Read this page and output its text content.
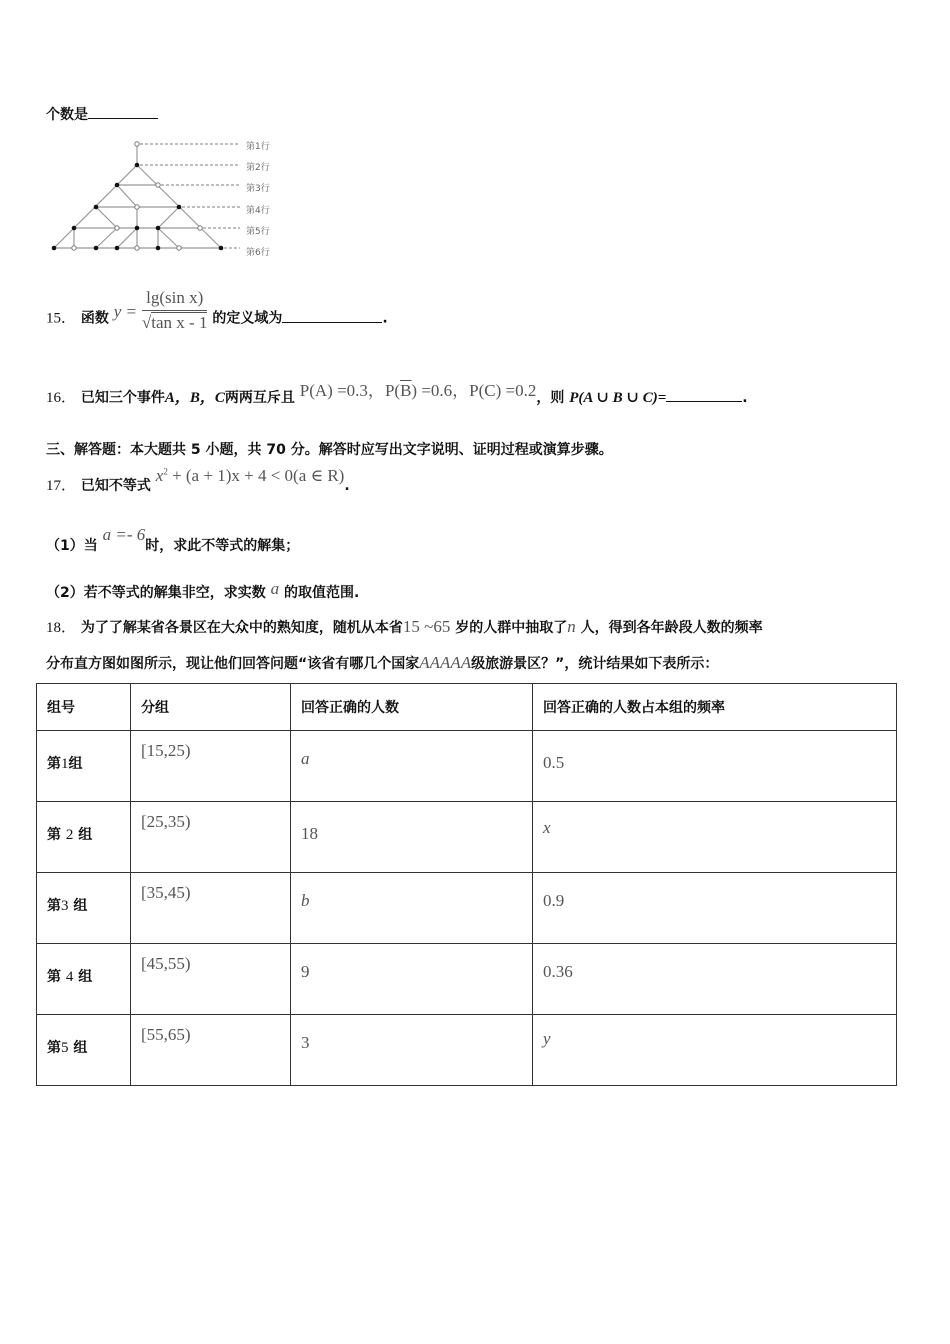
个数是
第1行
第2行
第3行
第4行
第5行
第6行
15． 函数 $y = \frac{\text{lg(sin x)}}{\text{√tan x - 1}}$ 的定义域为	.
16． 已知三个事件A，B，C两两互斥且 P(A) =0.3，$P(\overline{B}) =0.6$，P(C) =0.2，则 P(A ∪ B ∪ C)=	.
三、解答题：本大题共 5 小题，共 70 分。解答时应写出文字说明、证明过程或演算步骤。
17． 已知不等式 $x^2 + (a + 1)x + 4 < 0(a$ ∈ R).
（1）当 a =- 6时，求此不等式的解集；
（2）若不等式的解集非空，求实数 a 的取值范围.
18． 为了了解某省各景区在大众中的熟知度，随机从本省15 ~65 岁的人群中抽取了n 人，得到各年龄段人数的频率
分布直方图如图所示，现让他们回答问题“该省有哪几个国家AAAAA级旅游景区？”，统计结果如下表所示：
组号	分组	回答正确的人数	回答正确的人数占本组的频率
第1组	[15,25)	a	0.5
第 2 组	[25,35)	18	x
第3 组	[35,45)	b	0.9
第 4 组	[45,55)	9	0.36
第5 组	[55,65)	3	y
